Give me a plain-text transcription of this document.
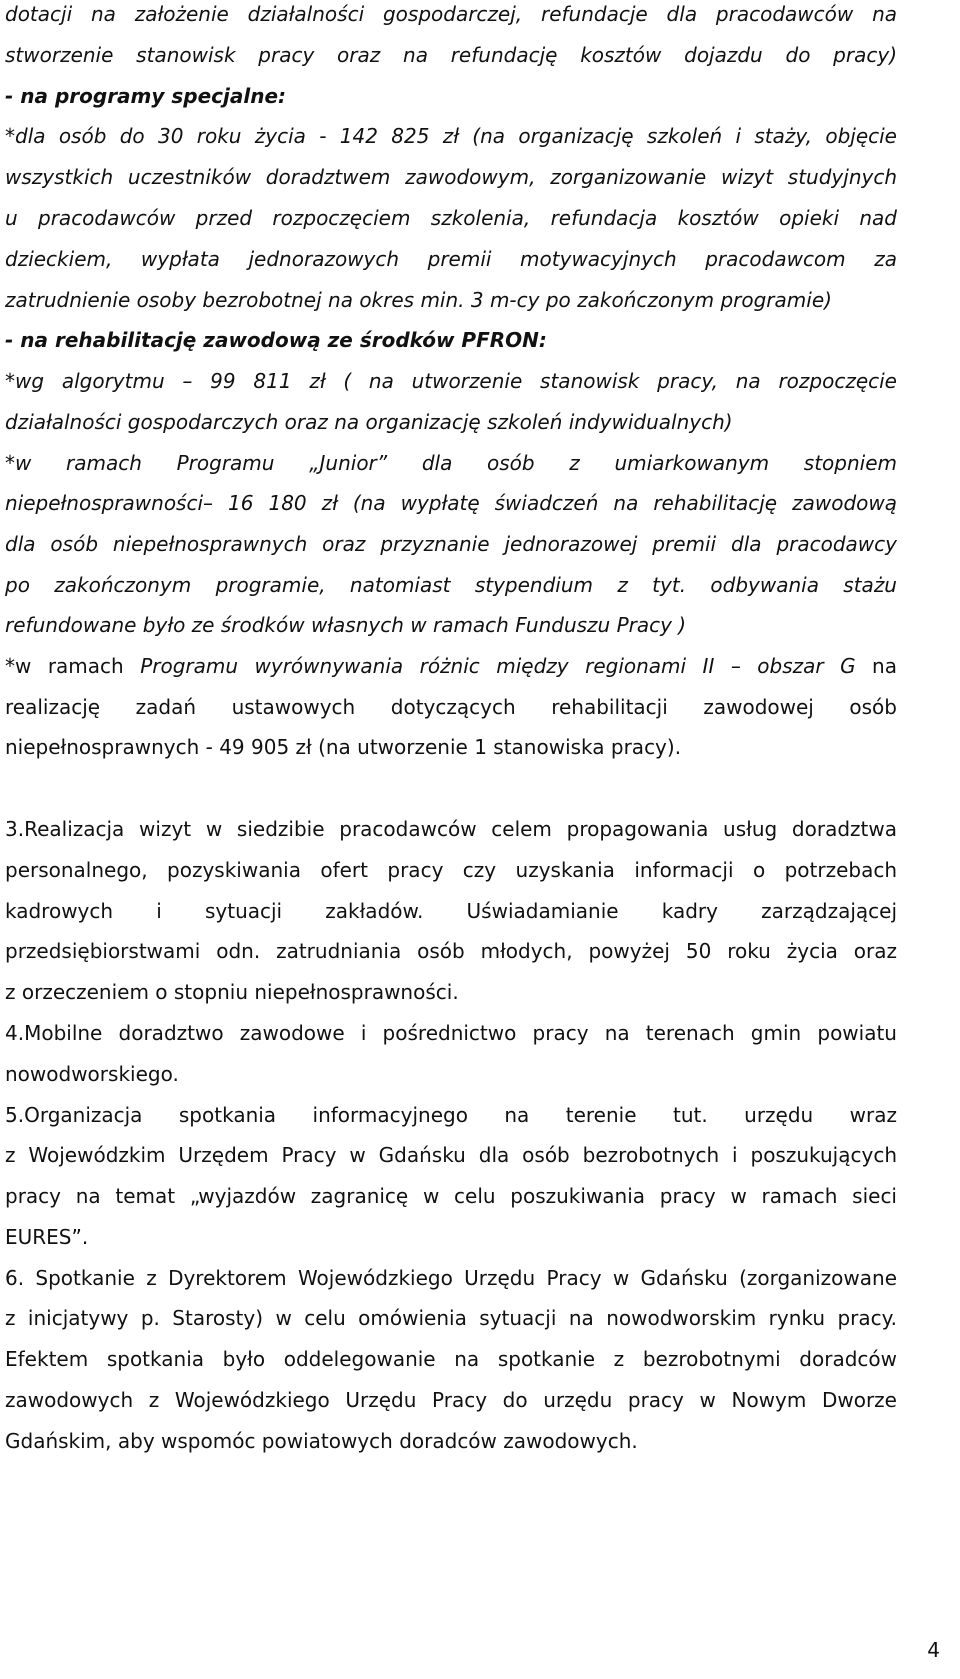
dotacji na założenie działalności gospodarczej, refundacje dla pracodawców na
stworzenie stanowisk pracy oraz na refundację kosztów dojazdu do pracy)
- na programy specjalne:
*dla osób do 30 roku życia - 142 825 zł (na organizację szkoleń i staży, objęcie
wszystkich uczestników doradztwem zawodowym, zorganizowanie wizyt studyjnych
u pracodawców przed rozpoczęciem szkolenia, refundacja kosztów opieki nad
dzieckiem, wypłata jednorazowych premii motywacyjnych pracodawcom za
zatrudnienie osoby bezrobotnej na okres min. 3 m-cy po zakończonym programie)
- na rehabilitację zawodową ze środków PFRON:
*wg algorytmu – 99 811 zł ( na utworzenie stanowisk pracy, na rozpoczęcie
działalności gospodarczych oraz na organizację szkoleń indywidualnych)
*w ramach Programu „Junior” dla osób z umiarkowanym stopniem
niepełnosprawności– 16 180 zł (na wypłatę świadczeń na rehabilitację zawodową
dla osób niepełnosprawnych oraz przyznanie jednorazowej premii dla pracodawcy
po zakończonym programie, natomiast stypendium z tyt. odbywania stażu
refundowane było ze środków własnych w ramach Funduszu Pracy )
*w ramach Programu wyrównywania różnic między regionami II – obszar G na
realizację zadań ustawowych dotyczących rehabilitacji zawodowej osób
niepełnosprawnych - 49 905 zł (na utworzenie 1 stanowiska pracy).
3.Realizacja wizyt w siedzibie pracodawców celem propagowania usług doradztwa
personalnego, pozyskiwania ofert pracy czy uzyskania informacji o potrzebach
kadrowych i sytuacji zakładów. Uświadamianie kadry zarządzającej
przedsiębiorstwami odn. zatrudniania osób młodych, powyżej 50 roku życia oraz
z orzeczeniem o stopniu niepełnosprawności.
4.Mobilne doradztwo zawodowe i pośrednictwo pracy na terenach gmin powiatu
nowodworskiego.
5.Organizacja spotkania informacyjnego na terenie tut. urzędu wraz
z Wojewódzkim Urzędem Pracy w Gdańsku dla osób bezrobotnych i poszukujących
pracy na temat „wyjazdów zagranicę w celu poszukiwania pracy w ramach sieci
EURES”.
6. Spotkanie z Dyrektorem Wojewódzkiego Urzędu Pracy w Gdańsku (zorganizowane
z inicjatywy p. Starosty) w celu omówienia sytuacji na nowodworskim rynku pracy.
Efektem spotkania było oddelegowanie na spotkanie z bezrobotnymi doradców
zawodowych z Wojewódzkiego Urzędu Pracy do urzędu pracy w Nowym Dworze
Gdańskim, aby wspomóc powiatowych doradców zawodowych.
4
